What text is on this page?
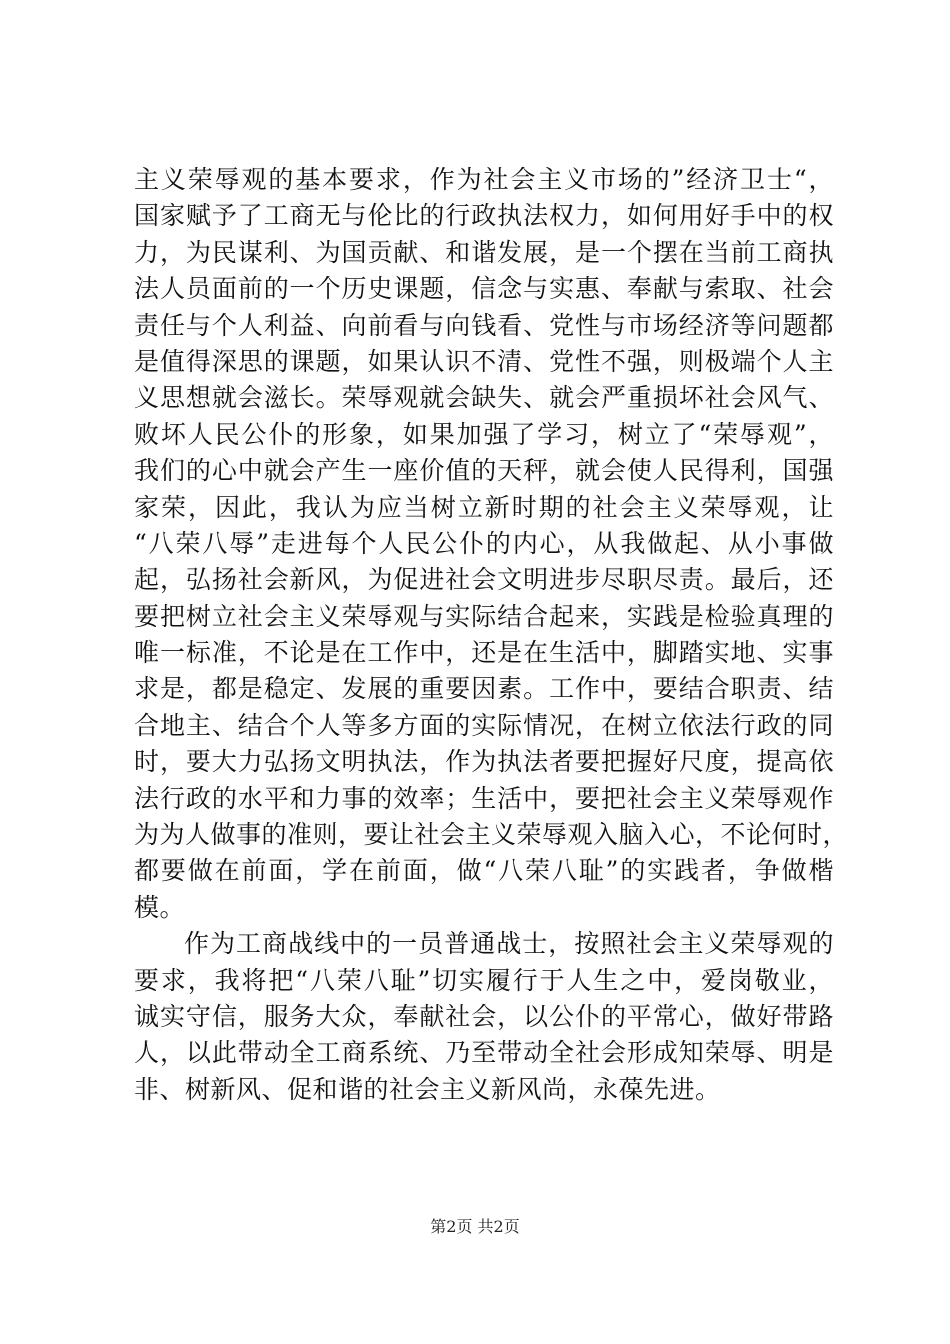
主义荣辱观的基本要求，作为社会主义市场的”经济卫士“，
国家赋予了工商无与伦比的行政执法权力，如何用好手中的权
力，为民谋利、为国贡献、和谐发展，是一个摆在当前工商执
法人员面前的一个历史课题，信念与实惠、奉献与索取、社会
责任与个人利益、向前看与向钱看、党性与市场经济等问题都
是值得深思的课题，如果认识不清、党性不强，则极端个人主
义思想就会滋长。荣辱观就会缺失、就会严重损坏社会风气、
败坏人民公仆的形象，如果加强了学习，树立了“荣辱观”，
我们的心中就会产生一座价值的天秤，就会使人民得利，国强
家荣，因此，我认为应当树立新时期的社会主义荣辱观，让
“八荣八辱”走进每个人民公仆的内心，从我做起、从小事做
起，弘扬社会新风，为促进社会文明进步尽职尽责。最后，还
要把树立社会主义荣辱观与实际结合起来，实践是检验真理的
唯一标准，不论是在工作中，还是在生活中，脚踏实地、实事
求是，都是稳定、发展的重要因素。工作中，要结合职责、结
合地主、结合个人等多方面的实际情况，在树立依法行政的同
时，要大力弘扬文明执法，作为执法者要把握好尺度，提高依
法行政的水平和力事的效率；生活中，要把社会主义荣辱观作
为为人做事的准则，要让社会主义荣辱观入脑入心，不论何时，
都要做在前面，学在前面，做“八荣八耻”的实践者，争做楷
模。
作为工商战线中的一员普通战士，按照社会主义荣辱观的
要求，我将把“八荣八耻”切实履行于人生之中，爱岗敬业，
诚实守信，服务大众，奉献社会，以公仆的平常心，做好带路
人，以此带动全工商系统、乃至带动全社会形成知荣辱、明是
非、树新风、促和谐的社会主义新风尚，永葆先进。
第2页 共2页
